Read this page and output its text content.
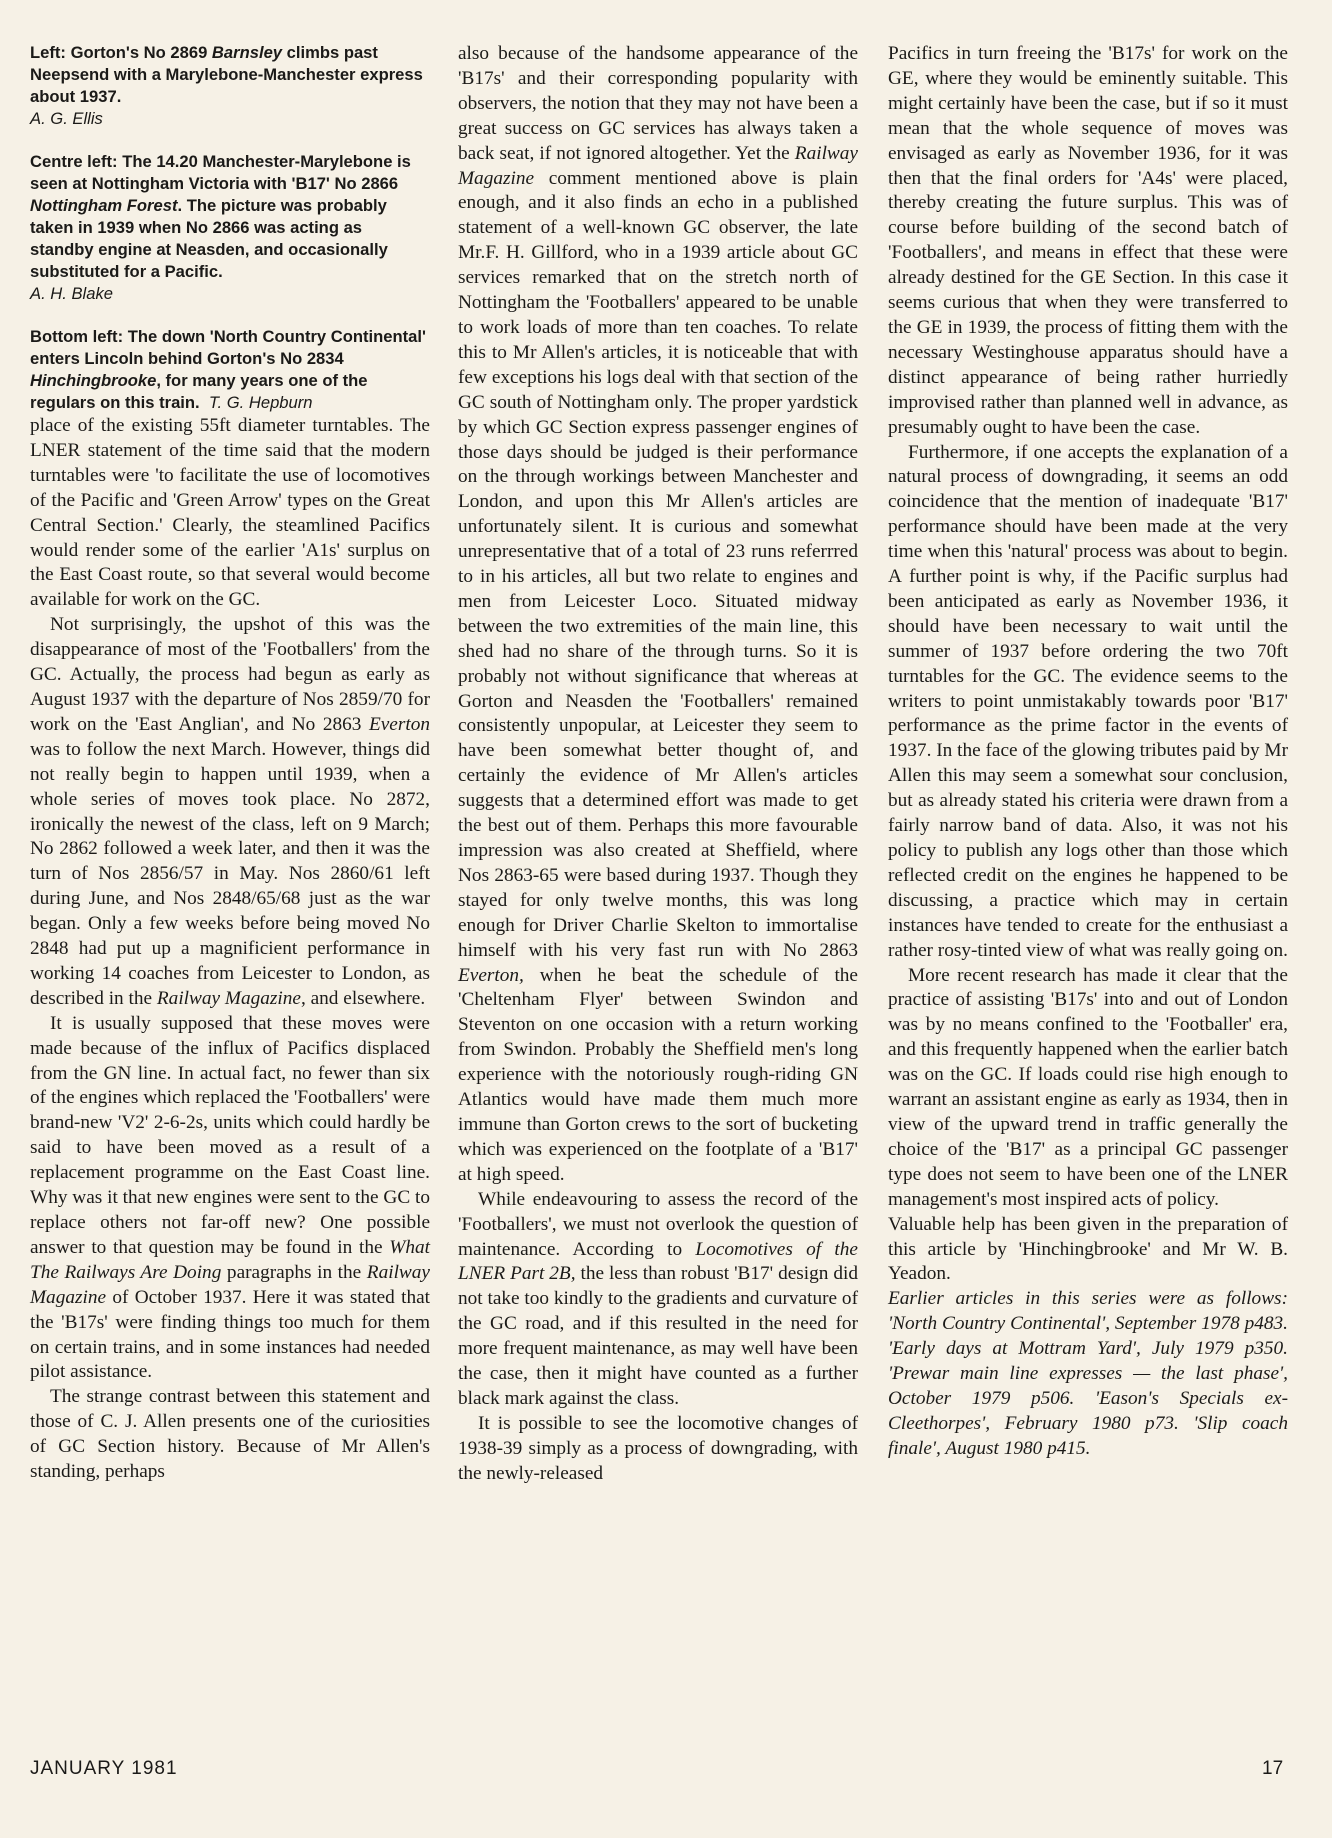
Left: Gorton's No 2869 Barnsley climbs past Neepsend with a Marylebone-Manchester express about 1937.
A. G. Ellis

Centre left: The 14.20 Manchester-Marylebone is seen at Nottingham Victoria with 'B17' No 2866 Nottingham Forest. The picture was probably taken in 1939 when No 2866 was acting as standby engine at Neasden, and occasionally substituted for a Pacific.
A. H. Blake

Bottom left: The down 'North Country Continental' enters Lincoln behind Gorton's No 2834 Hinchingbrooke, for many years one of the regulars on this train. T. G. Hepburn

place of the existing 55ft diameter turntables. The LNER statement of the time said that the modern turntables were 'to facilitate the use of locomotives of the Pacific and 'Green Arrow' types on the Great Central Section.' Clearly, the steamlined Pacifics would render some of the earlier 'A1s' surplus on the East Coast route, so that several would become available for work on the GC.

Not surprisingly, the upshot of this was the disappearance of most of the 'Footballers' from the GC. Actually, the process had begun as early as August 1937 with the departure of Nos 2859/70 for work on the 'East Anglian', and No 2863 Everton was to follow the next March. However, things did not really begin to happen until 1939, when a whole series of moves took place. No 2872, ironically the newest of the class, left on 9 March; No 2862 followed a week later, and then it was the turn of Nos 2856/57 in May. Nos 2860/61 left during June, and Nos 2848/65/68 just as the war began. Only a few weeks before being moved No 2848 had put up a magnificient performance in working 14 coaches from Leicester to London, as described in the Railway Magazine, and elsewhere.

It is usually supposed that these moves were made because of the influx of Pacifics displaced from the GN line. In actual fact, no fewer than six of the engines which replaced the 'Footballers' were brand-new 'V2' 2-6-2s, units which could hardly be said to have been moved as a result of a replacement programme on the East Coast line. Why was it that new engines were sent to the GC to replace others not far-off new? One possible answer to that question may be found in the What The Railways Are Doing paragraphs in the Railway Magazine of October 1937. Here it was stated that the 'B17s' were finding things too much for them on certain trains, and in some instances had needed pilot assistance.

The strange contrast between this statement and those of C. J. Allen presents one of the curiosities of GC Section history. Because of Mr Allen's standing, perhaps

also because of the handsome appearance of the 'B17s' and their corresponding popularity with observers, the notion that they may not have been a great success on GC services has always taken a back seat, if not ignored altogether. Yet the Railway Magazine comment mentioned above is plain enough, and it also finds an echo in a published statement of a well-known GC observer, the late Mr.F. H. Gillford, who in a 1939 article about GC services remarked that on the stretch north of Nottingham the 'Footballers' appeared to be unable to work loads of more than ten coaches. To relate this to Mr Allen's articles, it is noticeable that with few exceptions his logs deal with that section of the GC south of Nottingham only. The proper yardstick by which GC Section express passenger engines of those days should be judged is their performance on the through workings between Manchester and London, and upon this Mr Allen's articles are unfortunately silent. It is curious and somewhat unrepresentative that of a total of 23 runs referrred to in his articles, all but two relate to engines and men from Leicester Loco. Situated midway between the two extremities of the main line, this shed had no share of the through turns. So it is probably not without significance that whereas at Gorton and Neasden the 'Footballers' remained consistently unpopular, at Leicester they seem to have been somewhat better thought of, and certainly the evidence of Mr Allen's articles suggests that a determined effort was made to get the best out of them. Perhaps this more favourable impression was also created at Sheffield, where Nos 2863-65 were based during 1937. Though they stayed for only twelve months, this was long enough for Driver Charlie Skelton to immortalise himself with his very fast run with No 2863 Everton, when he beat the schedule of the 'Cheltenham Flyer' between Swindon and Steventon on one occasion with a return working from Swindon. Probably the Sheffield men's long experience with the notoriously rough-riding GN Atlantics would have made them much more immune than Gorton crews to the sort of bucketing which was experienced on the footplate of a 'B17' at high speed.

While endeavouring to assess the record of the 'Footballers', we must not overlook the question of maintenance. According to Locomotives of the LNER Part 2B, the less than robust 'B17' design did not take too kindly to the gradients and curvature of the GC road, and if this resulted in the need for more frequent maintenance, as may well have been the case, then it might have counted as a further black mark against the class.

It is possible to see the locomotive changes of 1938-39 simply as a process of downgrading, with the newly-released

Pacifics in turn freeing the 'B17s' for work on the GE, where they would be eminently suitable. This might certainly have been the case, but if so it must mean that the whole sequence of moves was envisaged as early as November 1936, for it was then that the final orders for 'A4s' were placed, thereby creating the future surplus. This was of course before building of the second batch of 'Footballers', and means in effect that these were already destined for the GE Section. In this case it seems curious that when they were transferred to the GE in 1939, the process of fitting them with the necessary Westinghouse apparatus should have a distinct appearance of being rather hurriedly improvised rather than planned well in advance, as presumably ought to have been the case.

Furthermore, if one accepts the explanation of a natural process of downgrading, it seems an odd coincidence that the mention of inadequate 'B17' performance should have been made at the very time when this 'natural' process was about to begin. A further point is why, if the Pacific surplus had been anticipated as early as November 1936, it should have been necessary to wait until the summer of 1937 before ordering the two 70ft turntables for the GC. The evidence seems to the writers to point unmistakably towards poor 'B17' performance as the prime factor in the events of 1937. In the face of the glowing tributes paid by Mr Allen this may seem a somewhat sour conclusion, but as already stated his criteria were drawn from a fairly narrow band of data. Also, it was not his policy to publish any logs other than those which reflected credit on the engines he happened to be discussing, a practice which may in certain instances have tended to create for the enthusiast a rather rosy-tinted view of what was really going on.

More recent research has made it clear that the practice of assisting 'B17s' into and out of London was by no means confined to the 'Footballer' era, and this frequently happened when the earlier batch was on the GC. If loads could rise high enough to warrant an assistant engine as early as 1934, then in view of the upward trend in traffic generally the choice of the 'B17' as a principal GC passenger type does not seem to have been one of the LNER management's most inspired acts of policy.

Valuable help has been given in the preparation of this article by 'Hinchingbrooke' and Mr W. B. Yeadon.

Earlier articles in this series were as follows: 'North Country Continental', September 1978 p483. 'Early days at Mottram Yard', July 1979 p350. 'Prewar main line expresses — the last phase', October 1979 p506. 'Eason's Specials ex-Cleethorpes', February 1980 p73. 'Slip coach finale', August 1980 p415.

JANUARY 1981	17
